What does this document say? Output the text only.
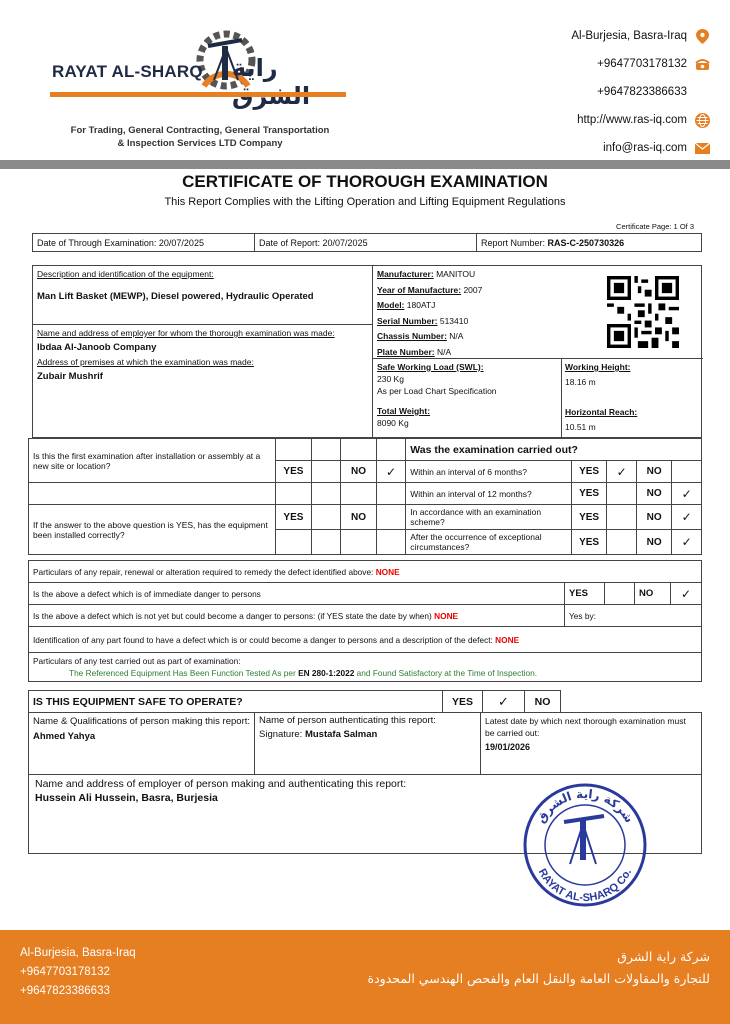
RAYAT AL-SHARQ راية
For Trading, General Contracting, General Transportation
& Inspection Services LTD Company
Al-Burjesia, Basra-Iraq
+9647703178132
+9647823386633
http://www.ras-iq.com
info@ras-iq.com
CERTIFICATE OF THOROUGH EXAMINATION
This Report Complies with the Lifting Operation and Lifting Equipment Regulations
Certificate Page: 1 Of 3
Date of Through Examination: 20/07/2025	Date of Report: 20/07/2025	Report Number: RAS-C-250730326
Description and identification of the equipment:
Man Lift Basket (MEWP), Diesel powered, Hydraulic Operated
Name and address of employer for whom the thorough examination was made:
Ibdaa Al-Janoob Company
Address of premises at which the examination was made:
Zubair Mushrif
Manufacturer: MANITOU
Year of Manufacture: 2007
Model: 180ATJ
Serial Number: 513410
Chassis Number: N/A
Plate Number: N/A
Safe Working Load (SWL):
230 Kg
As per Load Chart Specification
Total Weight:
8090 Kg
Working Height:
18.16 m
Horizontal Reach:
10.51 m
Is this the first examination after installation or assembly at a new site or location?					Was the examination carried out?				
	YES		NO	✓	Within an interval of 6 months?	YES	✓	NO	
					Within an interval of 12 months?	YES		NO	✓
If the answer to the above question is YES, has the equipment been installed correctly?	YES		NO		In accordance with an examination scheme?	YES		NO	✓
					After the occurrence of exceptional circumstances?	YES		NO	✓
Particulars of any repair, renewal or alteration required to remedy the defect identified above: NONE				
Is the above a defect which is of immediate danger to persons	YES		NO	✓
Is the above a defect which is not yet but could become a danger to persons: (if YES state the date by when) NONE	Yes by:			
Identification of any part found to have a defect which is or could become a danger to persons and a description of the defect: NONE				

Particulars of any test carried out as part of examination:
The Referenced Equipment Has Been Function Tested As per EN 280-1:2022 and Found Satisfactory at the Time of Inspection.				
IS THIS EQUIPMENT SAFE TO OPERATE?	YES	✓	NO	
Name & Qualifications of person making this report:
Ahmed Yahya

Name of person authenticating this report:
Signature: Mustafa Salman

Latest date by which next thorough examination must be carried out:
19/01/2026
Name and address of employer of person making and authenticating this report:
Hussein Ali Hussein, Basra, Burjesia
شركة راية الشرق
RAYAT AL-SHARQ Co.
Al-Burjesia, Basra-Iraq
+9647703178132
+9647823386633
شركة راية الشرق
للتجارة والمقاولات العامة والنقل العام والفحص الهندسي المحدودة
